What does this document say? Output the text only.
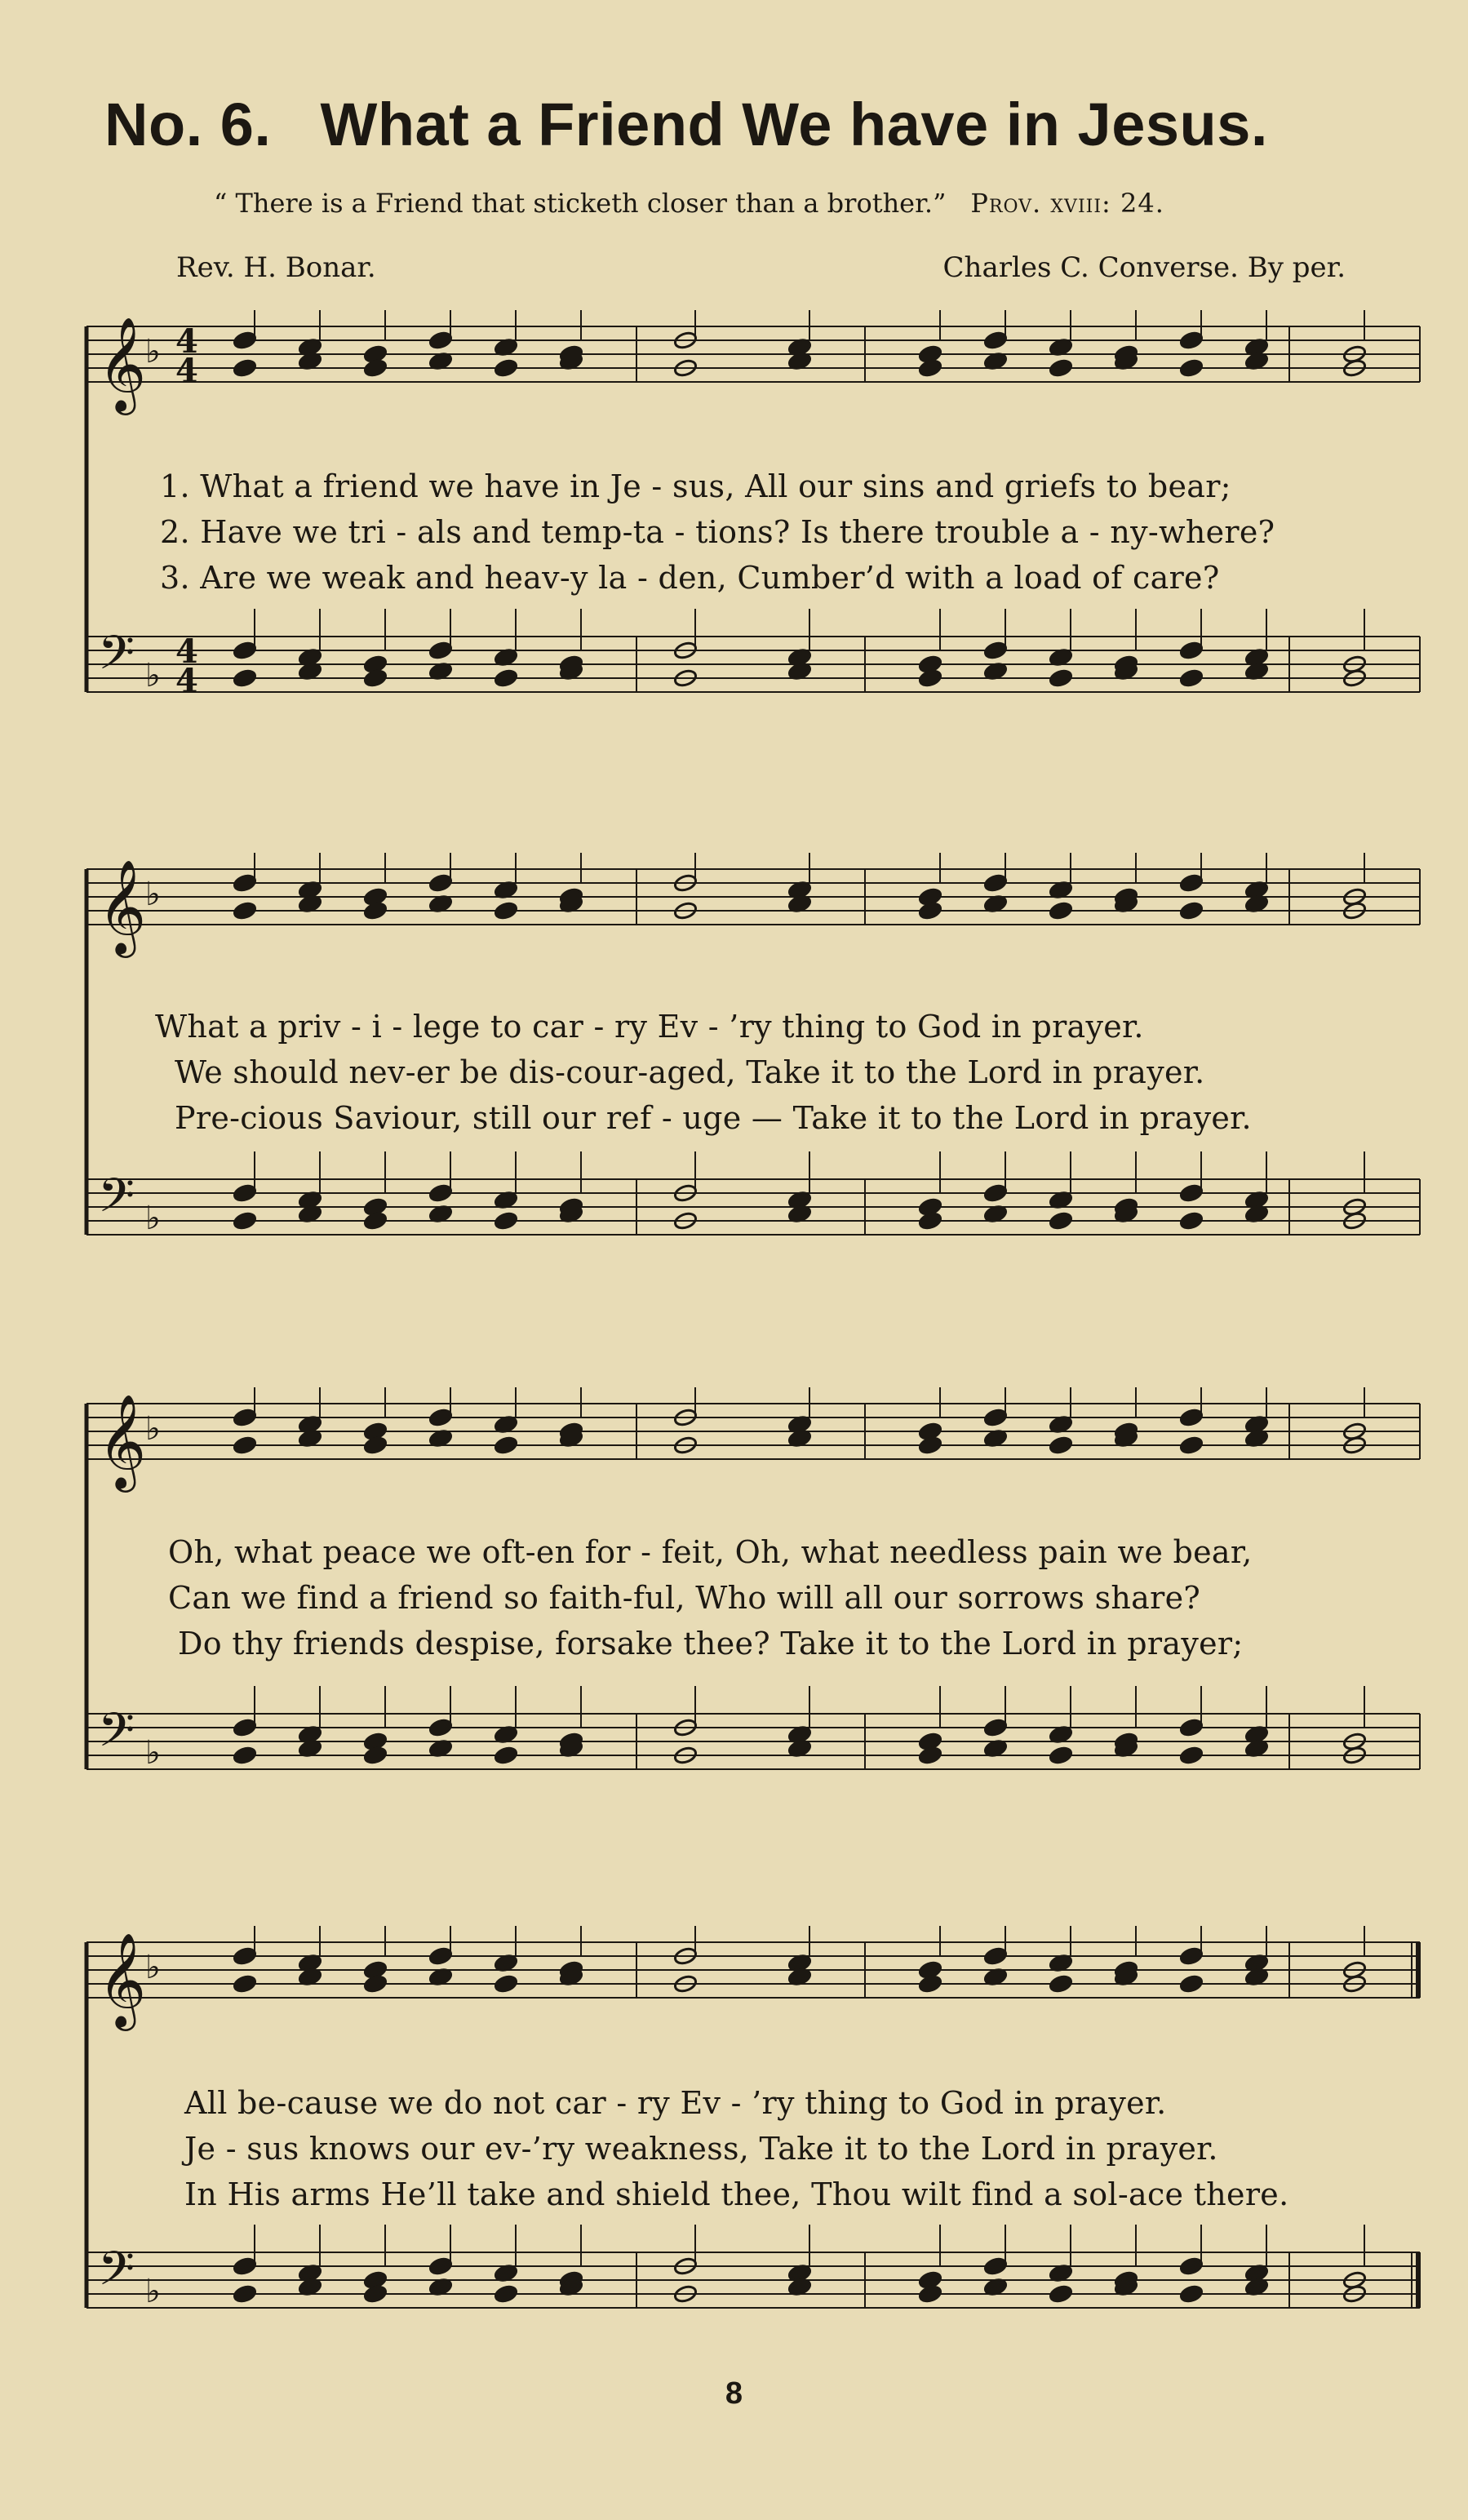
No. 6. What a Friend We have in Jesus.
“ There is a Friend that sticketh closer than a brother.” Prov. xviii: 24.
Rev. H. Bonar.	Charles C. Converse. By per.
𝄞
♭ 4
4
𝄢 ♭
4
4
1. What a friend we have in Je - sus, All our sins and griefs to bear;
2. Have we tri - als and temp-ta - tions? Is there trouble a - ny-where?
3. Are we weak and heav-y la - den, Cumber’d with a load of care?
𝄞
♭
𝄢 ♭
What a priv - i - lege to car - ry Ev - ’ry thing to God in prayer.
We should nev-er be dis-cour-aged, Take it to the Lord in prayer.
Pre-cious Saviour, still our ref - uge — Take it to the Lord in prayer.
𝄞
♭
𝄢 ♭
Oh, what peace we oft-en for - feit, Oh, what needless pain we bear,
Can we find a friend so faith-ful, Who will all our sorrows share?
Do thy friends despise, forsake thee? Take it to the Lord in prayer;
𝄞
♭
𝄢 ♭
All be-cause we do not car - ry Ev - ’ry thing to God in prayer.
Je - sus knows our ev-’ry weakness, Take it to the Lord in prayer.
In His arms He’ll take and shield thee, Thou wilt find a sol-ace there.
8
